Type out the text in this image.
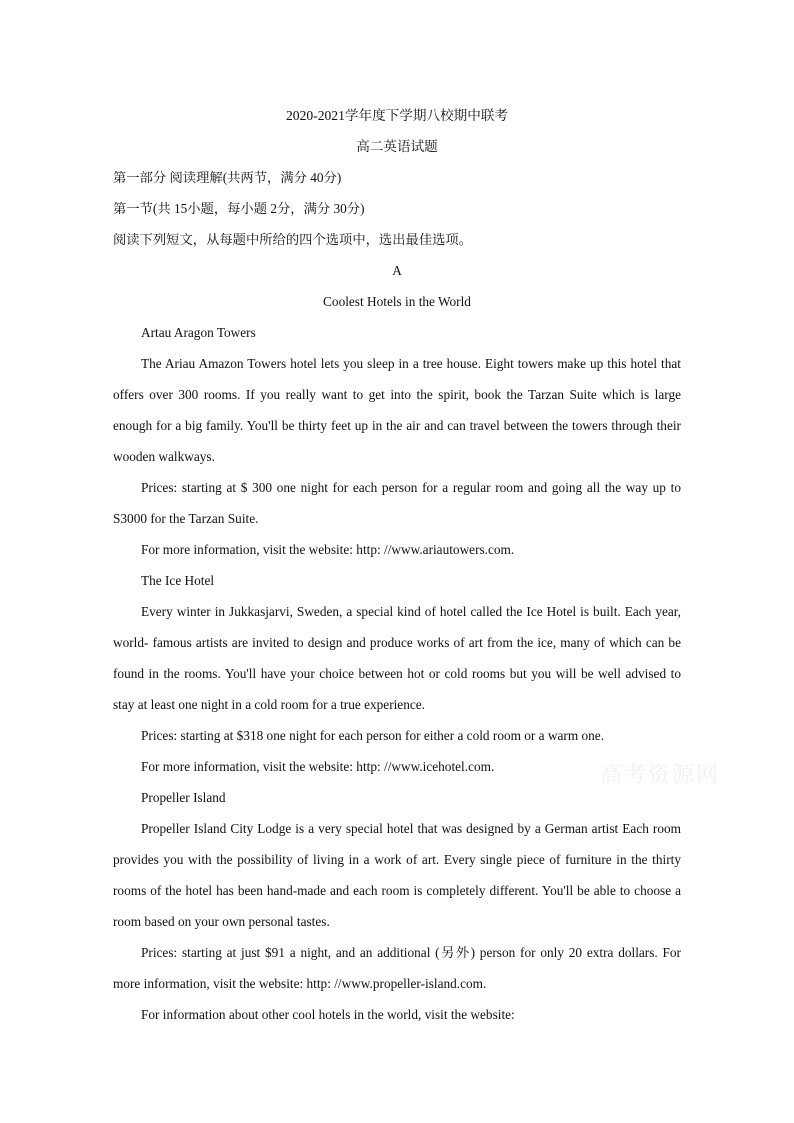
2020-2021学年度下学期八校期中联考
高二英语试题
第一部分 阅读理解(共两节，满分 40分)
第一节(共 15小题，每小题 2分，满分 30分)
阅读下列短文，从每题中所给的四个选项中，选出最佳选项。
A
Coolest Hotels in the World
Artau Aragon Towers
The Ariau Amazon Towers hotel lets you sleep in a tree house. Eight towers make up this hotel that offers over 300 rooms. If you really want to get into the spirit, book the Tarzan Suite which is large enough for a big family. You'll be thirty feet up in the air and can travel between the towers through their wooden walkways.
Prices: starting at $ 300 one night for each person for a regular room and going all the way up to S3000 for the Tarzan Suite.
For more information, visit the website: http: //www.ariautowers.com.
The Ice Hotel
Every winter in Jukkasjarvi, Sweden, a special kind of hotel called the Ice Hotel is built. Each year, world- famous artists are invited to design and produce works of art from the ice, many of which can be found in the rooms. You'll have your choice between hot or cold rooms but you will be well advised to stay at least one night in a cold room for a true experience.
Prices: starting at $318 one night for each person for either a cold room or a warm one.
For more information, visit the website: http: //www.icehotel.com.
Propeller Island
Propeller Island City Lodge is a very special hotel that was designed by a German artist Each room provides you with the possibility of living in a work of art. Every single piece of furniture in the thirty rooms of the hotel has been hand-made and each room is completely different. You'll be able to choose a room based on your own personal tastes.
Prices: starting at just $91 a night, and an additional (另外) person for only 20 extra dollars. For more information, visit the website: http: //www.propeller-island.com.
For information about other cool hotels in the world, visit the website:
高考资源网
